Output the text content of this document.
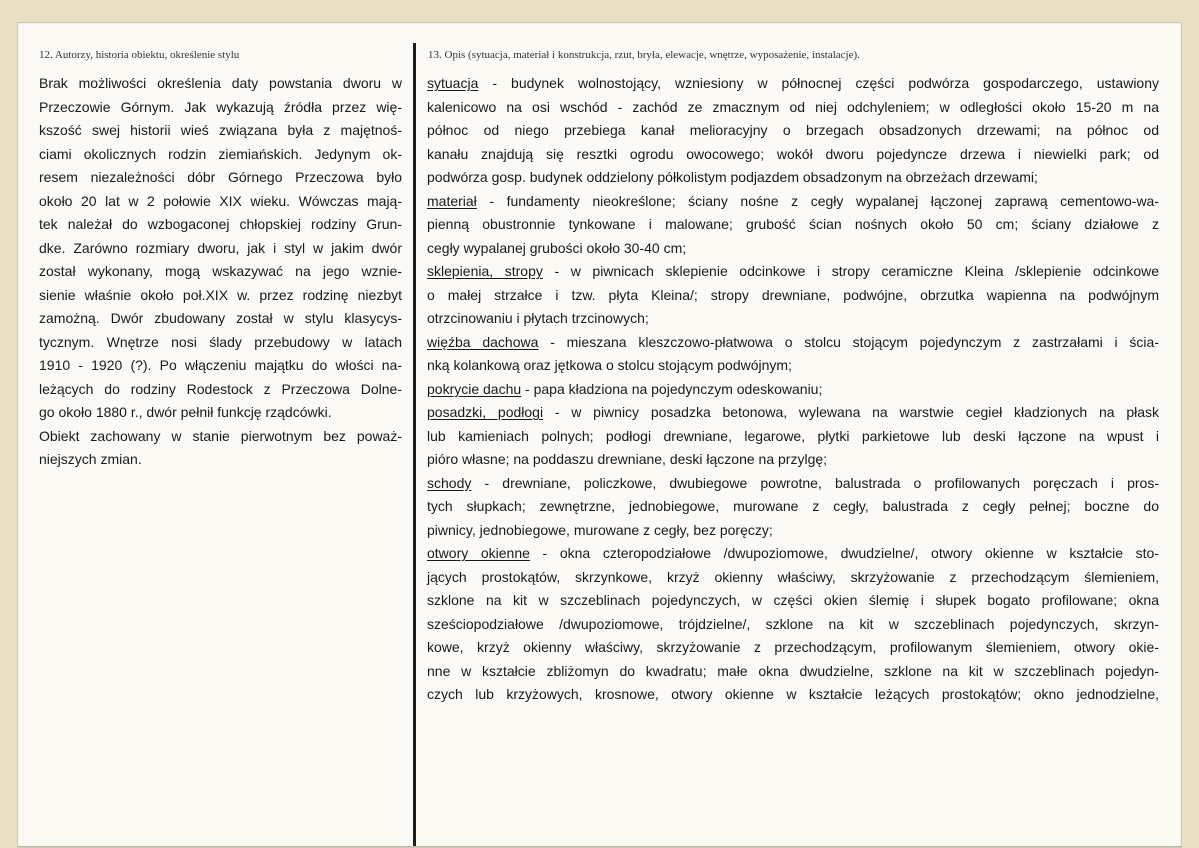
12. Autorzy, historia obiektu, określenie stylu
Brak możliwości określenia daty powstania dworu w
Przeczowie Górnym. Jak wykazują źródła przez wię-
kszość swej historii wieś związana była z majętnoś-
ciami okolicznych rodzin ziemiańskich. Jedynym ok-
resem niezależności dóbr Górnego Przeczowa było
około 20 lat w 2 połowie XIX wieku. Wówczas mają-
tek należał do wzbogaconej chłopskiej rodziny Grun-
dke. Zarówno rozmiary dworu, jak i styl w jakim dwór
został wykonany, mogą wskazywać na jego wznie-
sienie właśnie około poł.XIX w. przez rodzinę niezbyt
zamożną. Dwór zbudowany został w stylu klasycys-
tycznym. Wnętrze nosi ślady przebudowy w latach
1910 - 1920 (?). Po włączeniu majątku do włości na-
leżących do rodziny Rodestock z Przeczowa Dolne-
go około 1880 r., dwór pełnił funkcję rządcówki.
Obiekt zachowany w stanie pierwotnym bez poważ-
niejszych zmian.
13. Opis (sytuacja, materiał i konstrukcja, rzut, bryła, elewacje, wnętrze, wyposażenie, instalacje).
sytuacja - budynek wolnostojący, wzniesiony w północnej części podwórza gospodarczego, ustawiony
kalenicowo na osi wschód - zachód ze zmacznym od niej odchyleniem; w odległości około 15-20 m na
północ od niego przebiega kanał melioracyjny o brzegach obsadzonych drzewami; na północ od
kanału znajdują się resztki ogrodu owocowego; wokół dworu pojedyncze drzewa i niewielki park; od
podwórza gosp. budynek oddzielony półkolistym podjazdem obsadzonym na obrzeżach drzewami;
materiał - fundamenty nieokreślone; ściany nośne z cegły wypalanej łączonej zaprawą cementowo-wa-
pienną obustronnie tynkowane i malowane; grubość ścian nośnych około 50 cm; ściany działowe z
cegły wypalanej grubości około 30-40 cm;
sklepienia, stropy - w piwnicach sklepienie odcinkowe i stropy ceramiczne Kleina /sklepienie odcinkowe
o małej strzałce i tzw. płyta Kleina/; stropy drewniane, podwójne, obrzutka wapienna na podwójnym
otrzcinowaniu i płytach trzcinowych;
więźba dachowa - mieszana kleszczowo-płatwowa o stolcu stojącym pojedynczym z zastrzałami i ścia-
nką kolankową oraz jętkowa o stolcu stojącym podwójnym;
pokrycie dachu - papa kładziona na pojedynczym odeskowaniu;
posadzki, podłogi - w piwnicy posadzka betonowa, wylewana na warstwie cegieł kładzionych na płask
lub kamieniach polnych; podłogi drewniane, legarowe, płytki parkietowe lub deski łączone na wpust i
pióro własne; na poddaszu drewniane, deski łączone na przylgę;
schody - drewniane, policzkowe, dwubiegowe powrotne, balustrada o profilowanych poręczach i pros-
tych słupkach; zewnętrzne, jednobiegowe, murowane z cegły, balustrada z cegły pełnej; boczne do
piwnicy, jednobiegowe, murowane z cegły, bez poręczy;
otwory okienne - okna czteropodziałowe /dwupoziomowe, dwudzielne/, otwory okienne w kształcie sto-
jących prostokątów, skrzynkowe, krzyż okienny właściwy, skrzyżowanie z przechodzącym ślemieniem,
szklone na kit w szczeblinach pojedynczych, w części okien ślemię i słupek bogato profilowane; okna
sześciopodziałowe /dwupoziomowe, trójdzielne/, szklone na kit w szczeblinach pojedynczych, skrzyn-
kowe, krzyż okienny właściwy, skrzyżowanie z przechodzącym, profilowanym ślemieniem, otwory okie-
nne w kształcie zbliżomyn do kwadratu; małe okna dwudzielne, szklone na kit w szczeblinach pojedyn-
czych lub krzyżowych, krosnowe, otwory okienne w kształcie leżących prostokątów; okno jednodzielne,
